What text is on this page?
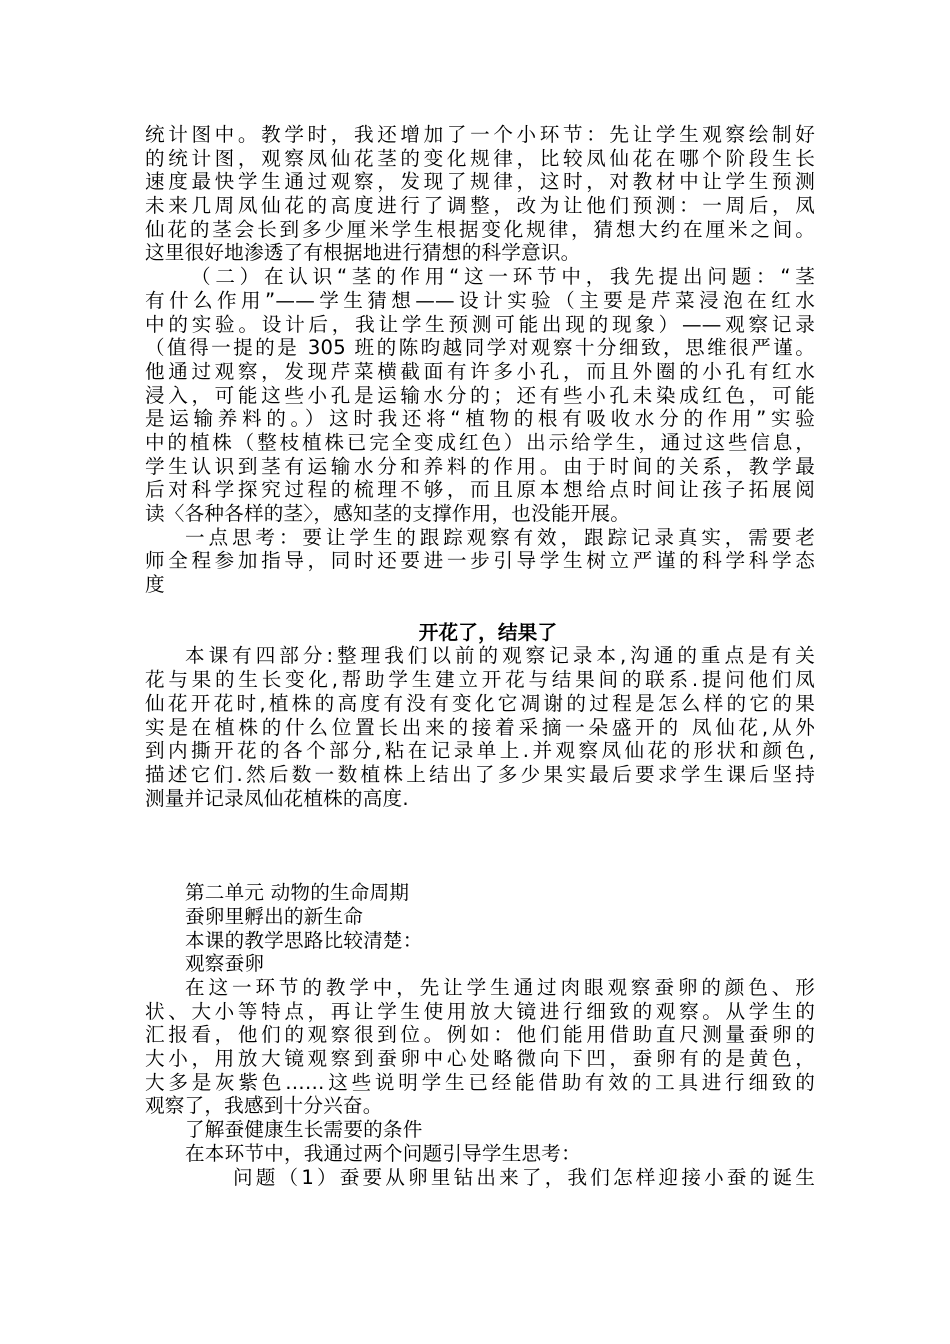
统计图中。教学时，我还增加了一个小环节：先让学生观察绘制好
的统计图，观察凤仙花茎的变化规律，比较凤仙花在哪个阶段生长
速度最快学生通过观察，发现了规律，这时，对教材中让学生预测
未来几周凤仙花的高度进行了调整，改为让他们预测：一周后，凤
仙花的茎会长到多少厘米学生根据变化规律，猜想大约在厘米之间。
这里很好地渗透了有根据地进行猜想的科学意识。
（二）在认识“茎的作用“这一环节中，我先提出问题：“茎
有什么作用”——学生猜想——设计实验（主要是芹菜浸泡在红水
中的实验。设计后，我让学生预测可能出现的现象）——观察记录
（值得一提的是 305 班的陈昀越同学对观察十分细致，思维很严谨。
他通过观察，发现芹菜横截面有许多小孔，而且外圈的小孔有红水
浸入，可能这些小孔是运输水分的；还有些小孔未染成红色，可能
是运输养料的。）这时我还将“植物的根有吸收水分的作用”实验
中的植株（整枝植株已完全变成红色）出示给学生，通过这些信息，
学生认识到茎有运输水分和养料的作用。由于时间的关系，教学最
后对科学探究过程的梳理不够，而且原本想给点时间让孩子拓展阅
读〈各种各样的茎〉，感知茎的支撑作用，也没能开展。
一点思考：要让学生的跟踪观察有效，跟踪记录真实，需要老
师全程参加指导，同时还要进一步引导学生树立严谨的科学科学态
度
开花了，结果了
本课有四部分:整理我们以前的观察记录本,沟通的重点是有关
花与果的生长变化,帮助学生建立开花与结果间的联系.提问他们凤
仙花开花时,植株的高度有没有变化它凋谢的过程是怎么样的它的果
实是在植株的什么位置长出来的接着采摘一朵盛开的 凤仙花,从外
到内撕开花的各个部分,粘在记录单上.并观察凤仙花的形状和颜色,
描述它们.然后数一数植株上结出了多少果实最后要求学生课后坚持
测量并记录凤仙花植株的高度.
第二单元 动物的生命周期
蚕卵里孵出的新生命
本课的教学思路比较清楚：
观察蚕卵
在这一环节的教学中，先让学生通过肉眼观察蚕卵的颜色、形
状、大小等特点，再让学生使用放大镜进行细致的观察。从学生的
汇报看，他们的观察很到位。例如：他们能用借助直尺测量蚕卵的
大小，用放大镜观察到蚕卵中心处略微向下凹，蚕卵有的是黄色，
大多是灰紫色……这些说明学生已经能借助有效的工具进行细致的
观察了，我感到十分兴奋。
了解蚕健康生长需要的条件
在本环节中，我通过两个问题引导学生思考：
问题（1）蚕要从卵里钻出来了，我们怎样迎接小蚕的诞生
